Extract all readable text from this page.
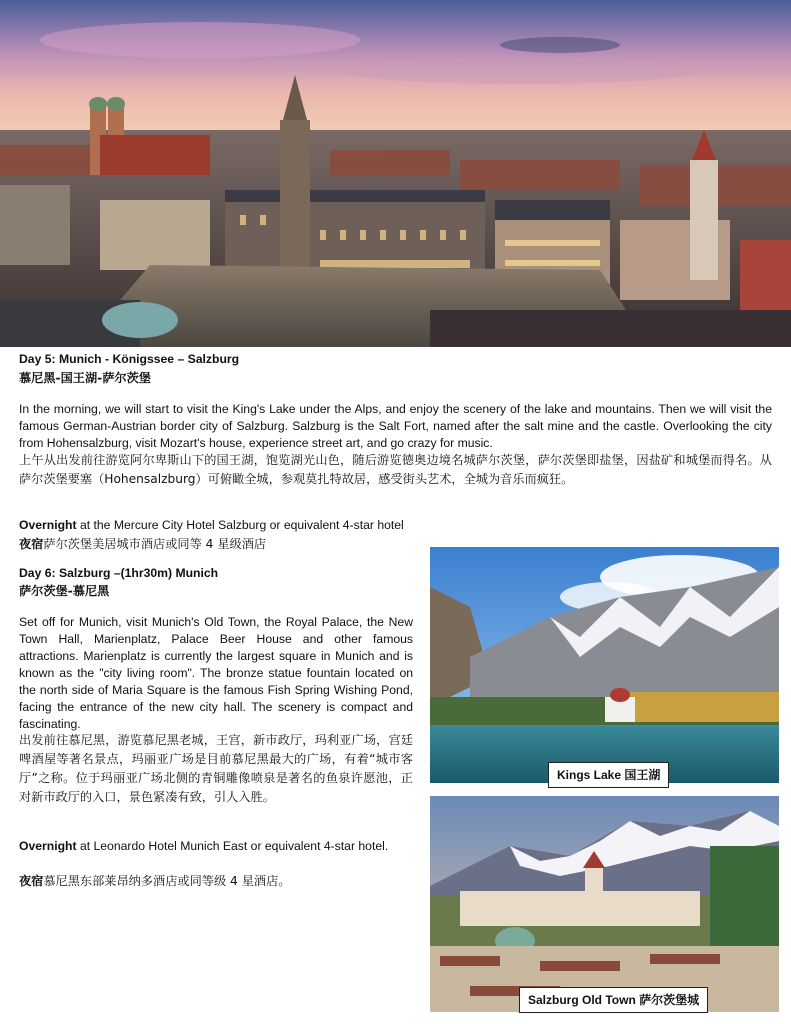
Day 5: Munich - Königssee – Salzburg
慕尼黑-国王湖-萨尔茨堡
In the morning, we will start to visit the King's Lake under the Alps, and enjoy the scenery of the lake and mountains. Then we will visit the famous German-Austrian border city of Salzburg. Salzburg is the Salt Fort, named after the salt mine and the castle. Overlooking the city from Hohensalzburg, visit Mozart's house, experience street art, and go crazy for music.
上午从出发前往游览阿尔卑斯山下的国王湖，饱览湖光山色，随后游览德奥边境名城萨尔茨堡，萨尔茨堡即盐堡，因盐矿和城堡而得名。从萨尔茨堡要塞（Hohensalzburg）可俯瞰全城，参观莫扎特故居，感受街头艺术，全城为音乐而疯狂。
Overnight at the Mercure City Hotel Salzburg or equivalent 4-star hotel
夜宿萨尔茨堡美居城市酒店或同等 4 星级酒店
Day 6: Salzburg –(1hr30m) Munich
萨尔茨堡-慕尼黑
Set off for Munich, visit Munich's Old Town, the Royal Palace, the New Town Hall, Marienplatz, Palace Beer House and other famous attractions. Marienplatz is currently the largest square in Munich and is known as the "city living room". The bronze statue fountain located on the north side of Maria Square is the famous Fish Spring Wishing Pond, facing the entrance of the new city hall. The scenery is compact and fascinating.
出发前往慕尼黑，游览慕尼黑老城，王宫，新市政厅，玛利亚广场，宫廷啤酒屋等著名景点，玛丽亚广场是目前慕尼黑最大的广场，有着“城市客厅”之称。位于玛丽亚广场北侧的青铜雕像喷泉是著名的鱼泉许愿池，正对新市政厅的入口，景色紧凑有致，引人入胜。
Overnight at Leonardo Hotel Munich East or equivalent 4-star hotel.
夜宿慕尼黑东部莱昂纳多酒店或同等级 4 星酒店。
Kings Lake 国王湖
Salzburg Old Town 萨尔茨堡城
